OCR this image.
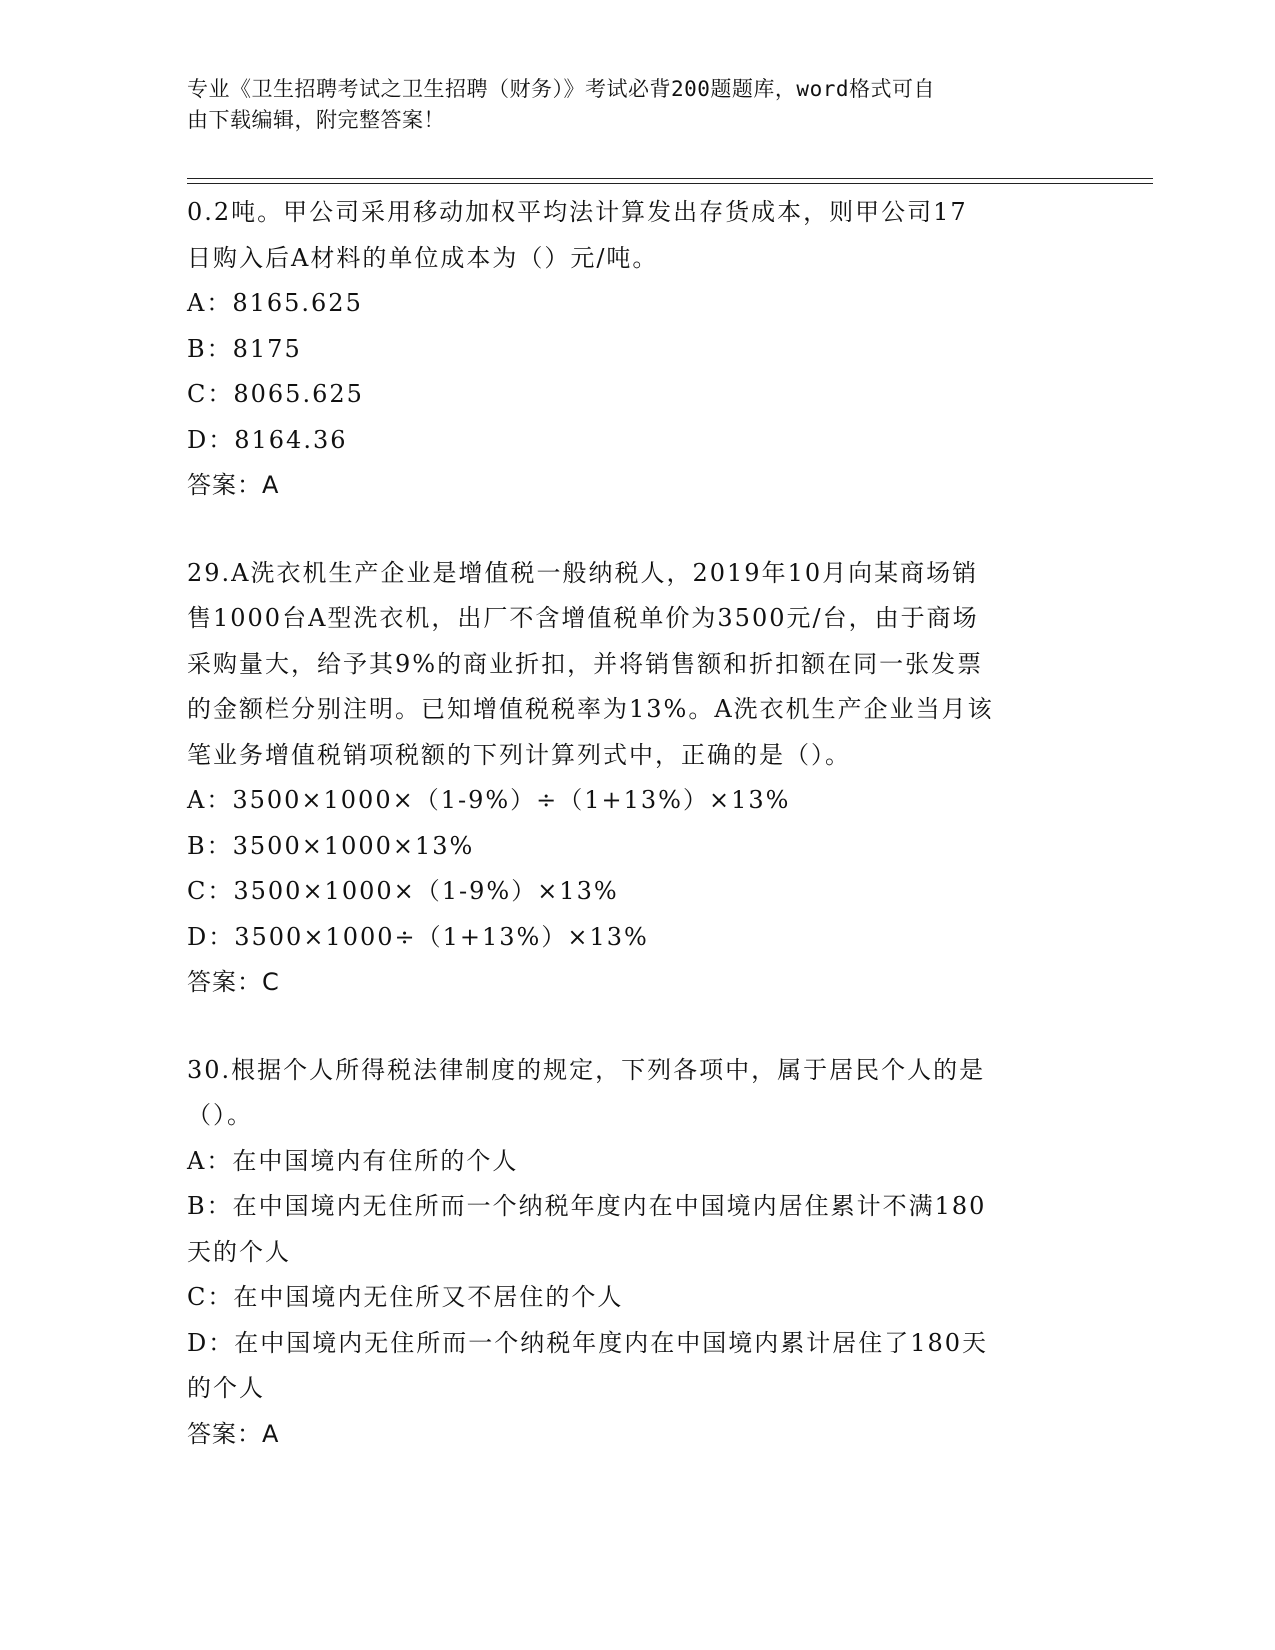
专业《卫生招聘考试之卫生招聘（财务）》考试必背200题题库，word格式可自
由下载编辑，附完整答案！
0.2吨。甲公司采用移动加权平均法计算发出存货成本，则甲公司17
日购入后A材料的单位成本为（）元/吨。
A：8165.625
B：8175
C：8065.625
D：8164.36
答案：A
29.A洗衣机生产企业是增值税一般纳税人，2019年10月向某商场销
售1000台A型洗衣机，出厂不含增值税单价为3500元/台，由于商场
采购量大，给予其9%的商业折扣，并将销售额和折扣额在同一张发票
的金额栏分别注明。已知增值税税率为13%。A洗衣机生产企业当月该
笔业务增值税销项税额的下列计算列式中，正确的是（）。
A：3500×1000×（1-9%）÷（1+13%）×13%
B：3500×1000×13%
C：3500×1000×（1-9%）×13%
D：3500×1000÷（1+13%）×13%
答案：C
30.根据个人所得税法律制度的规定，下列各项中，属于居民个人的是
（）。
A：在中国境内有住所的个人
B：在中国境内无住所而一个纳税年度内在中国境内居住累计不满180
天的个人
C：在中国境内无住所又不居住的个人
D：在中国境内无住所而一个纳税年度内在中国境内累计居住了180天
的个人
答案：A
